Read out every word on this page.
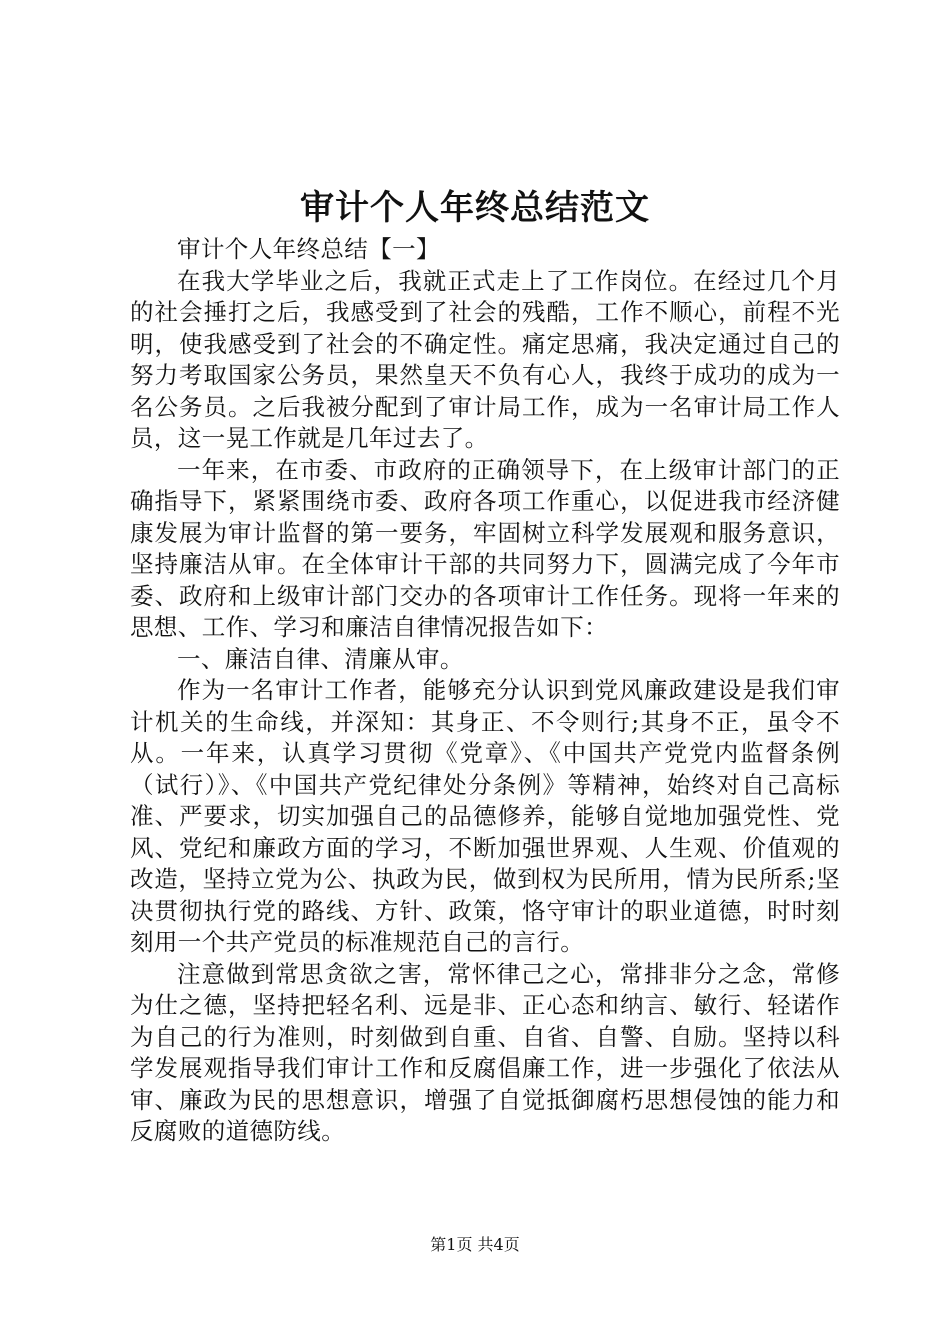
审计个人年终总结范文

审计个人年终总结【一】

在我大学毕业之后，我就正式走上了工作岗位。在经过几个月的社会捶打之后，我感受到了社会的残酷，工作不顺心，前程不光明，使我感受到了社会的不确定性。痛定思痛，我决定通过自己的努力考取国家公务员，果然皇天不负有心人，我终于成功的成为一名公务员。之后我被分配到了审计局工作，成为一名审计局工作人员，这一晃工作就是几年过去了。

一年来，在市委、市政府的正确领导下，在上级审计部门的正确指导下，紧紧围绕市委、政府各项工作重心，以促进我市经济健康发展为审计监督的第一要务，牢固树立科学发展观和服务意识，坚持廉洁从审。在全体审计干部的共同努力下，圆满完成了今年市委、政府和上级审计部门交办的各项审计工作任务。现将一年来的思想、工作、学习和廉洁自律情况报告如下：

一、廉洁自律、清廉从审。

作为一名审计工作者，能够充分认识到党风廉政建设是我们审计机关的生命线，并深知：其身正、不令则行;其身不正，虽令不从。一年来，认真学习贯彻《党章》、《中国共产党党内监督条例（试行）》、《中国共产党纪律处分条例》等精神，始终对自己高标准、严要求，切实加强自己的品德修养，能够自觉地加强党性、党风、党纪和廉政方面的学习，不断加强世界观、人生观、价值观的改造，坚持立党为公、执政为民，做到权为民所用，情为民所系;坚决贯彻执行党的路线、方针、政策，恪守审计的职业道德，时时刻刻用一个共产党员的标准规范自己的言行。

注意做到常思贪欲之害，常怀律己之心，常排非分之念，常修为仕之德，坚持把轻名利、远是非、正心态和纳言、敏行、轻诺作为自己的行为准则，时刻做到自重、自省、自警、自励。坚持以科学发展观指导我们审计工作和反腐倡廉工作，进一步强化了依法从审、廉政为民的思想意识，增强了自觉抵御腐朽思想侵蚀的能力和反腐败的道德防线。

第1页 共4页
